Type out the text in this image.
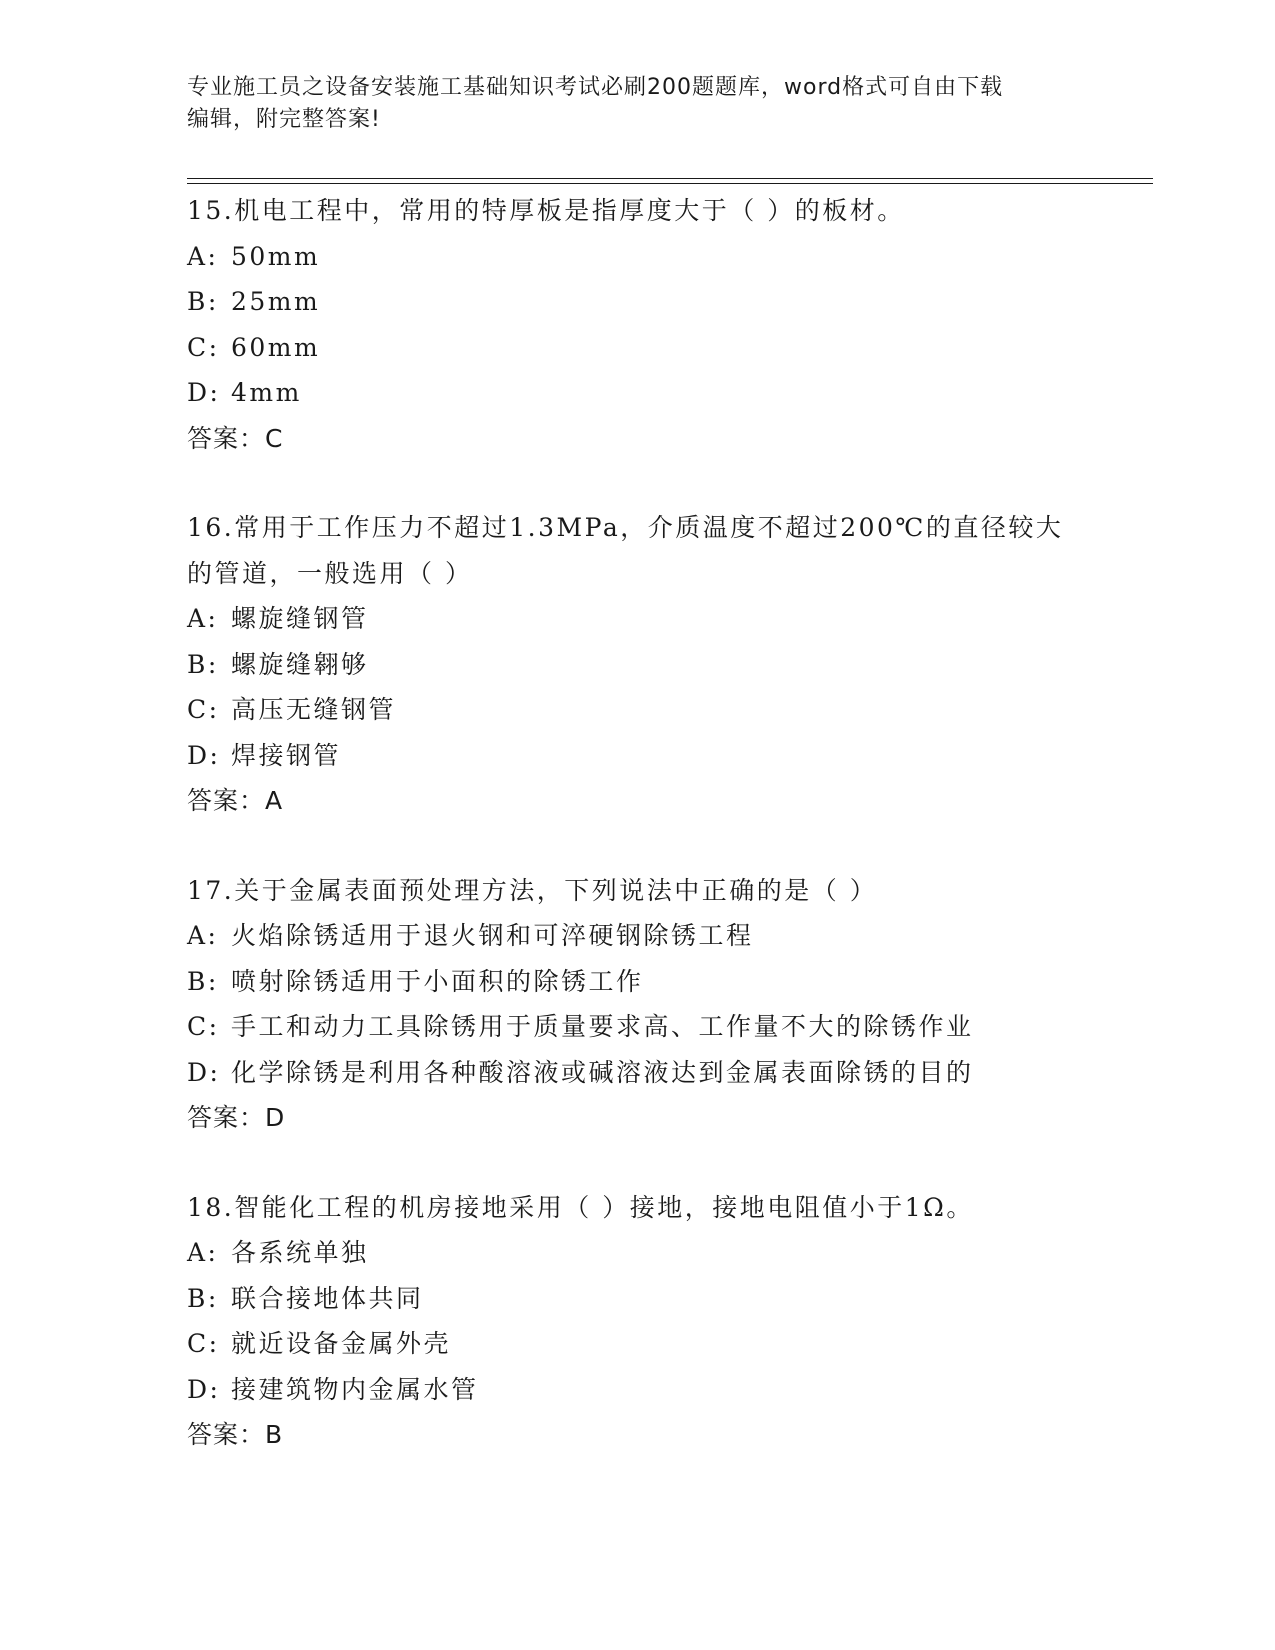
专业施工员之设备安装施工基础知识考试必刷200题题库，word格式可自由下载
编辑，附完整答案!
15.机电工程中，常用的特厚板是指厚度大于（ ）的板材。
A: 50mm
B: 25mm
C: 60mm
D: 4mm
答案：C
16.常用于工作压力不超过1.3MPa，介质温度不超过200℃的直径较大的管道，一般选用（ ）
A: 螺旋缝钢管
B: 螺旋缝翱够
C: 高压无缝钢管
D: 焊接钢管
答案：A
17.关于金属表面预处理方法，下列说法中正确的是（ ）
A: 火焰除锈适用于退火钢和可淬硬钢除锈工程
B: 喷射除锈适用于小面积的除锈工作
C: 手工和动力工具除锈用于质量要求高、工作量不大的除锈作业
D: 化学除锈是利用各种酸溶液或碱溶液达到金属表面除锈的目的
答案：D
18.智能化工程的机房接地采用（ ）接地，接地电阻值小于1Ω。
A: 各系统单独
B: 联合接地体共同
C: 就近设备金属外壳
D: 接建筑物内金属水管
答案：B
